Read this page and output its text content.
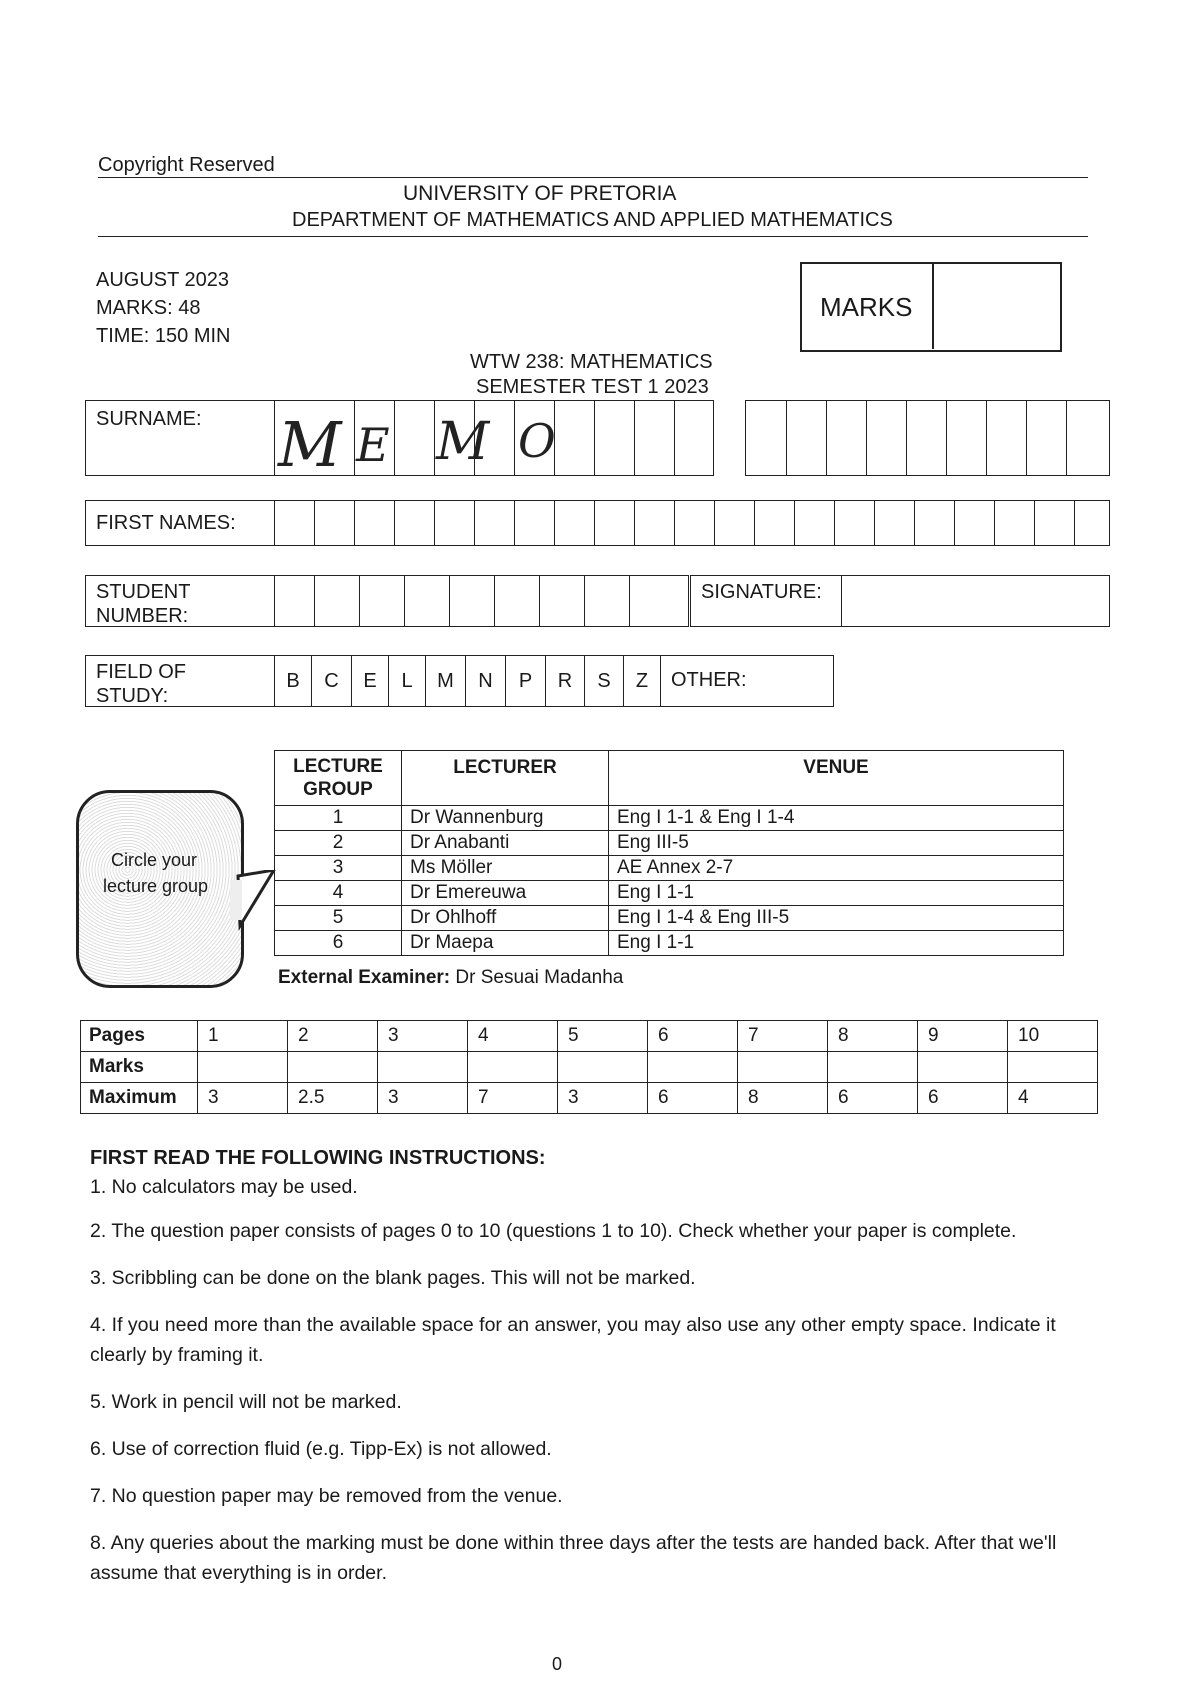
Copyright Reserved
UNIVERSITY OF PRETORIA
DEPARTMENT OF MATHEMATICS AND APPLIED MATHEMATICS
AUGUST 2023
MARKS: 48
TIME: 150 MIN
MARKS
WTW 238: MATHEMATICS
SEMESTER TEST 1 2023
SURNAME: M E M O
FIRST NAMES:
STUDENT
NUMBER:
SIGNATURE:
FIELD OF
STUDY:
B	C	E	L	M	N	P	R	S	Z	OTHER:
Circle your
lecture group
LECTURE GROUP	LECTURER	VENUE
1	Dr Wannenburg	Eng I 1-1 & Eng I 1-4
2	Dr Anabanti	Eng III-5
3	Ms Möller	AE Annex 2-7
4	Dr Emereuwa	Eng I 1-1
5	Dr Ohlhoff	Eng I 1-4 & Eng III-5
6	Dr Maepa	Eng I 1-1
External Examiner: Dr Sesuai Madanha
Pages	1	2	3	4	5	6	7	8	9	10
Marks										
Maximum	3	2.5	3	7	3	6	8	6	6	4
FIRST READ THE FOLLOWING INSTRUCTIONS:

1. No calculators may be used.

2. The question paper consists of pages 0 to 10 (questions 1 to 10). Check whether your paper is complete.

3. Scribbling can be done on the blank pages. This will not be marked.

4. If you need more than the available space for an answer, you may also use any other empty space. Indicate it clearly by framing it.

5. Work in pencil will not be marked.

6. Use of correction fluid (e.g. Tipp-Ex) is not allowed.

7. No question paper may be removed from the venue.

8. Any queries about the marking must be done within three days after the tests are handed back. After that we'll assume that everything is in order.

0
